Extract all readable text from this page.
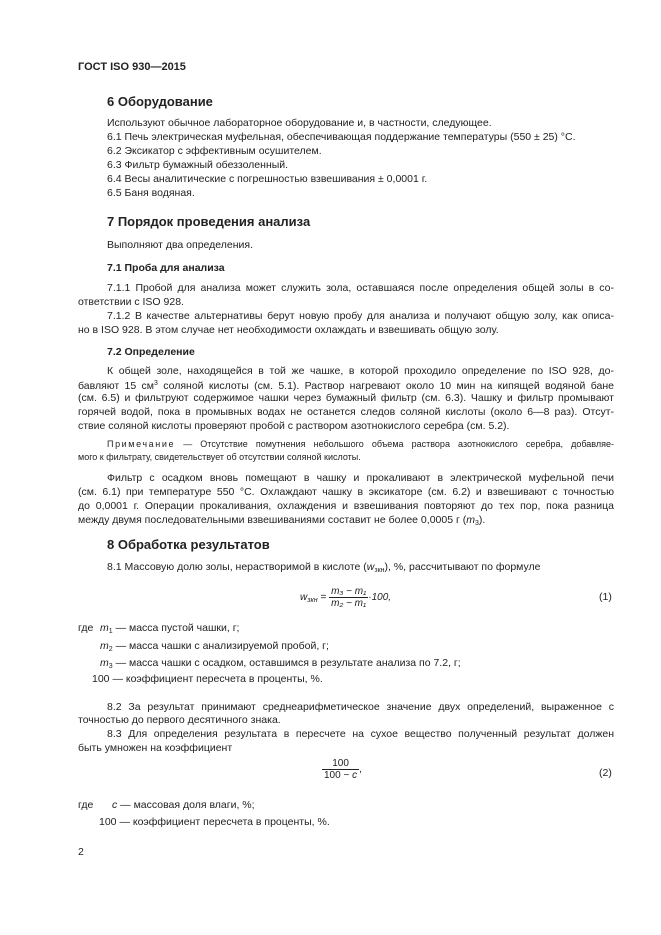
ГОСТ ISO 930—2015
6 Оборудование
Используют обычное лабораторное оборудование и, в частности, следующее.
6.1 Печь электрическая муфельная, обеспечивающая поддержание температуры (550 ± 25) °С.
6.2 Эксикатор с эффективным осушителем.
6.3 Фильтр бумажный обеззоленный.
6.4 Весы аналитические с погрешностью взвешивания ± 0,0001 г.
6.5 Баня водяная.
7 Порядок проведения анализа
Выполняют два определения.
7.1 Проба для анализа
7.1.1 Пробой для анализа может служить зола, оставшаяся после определения общей золы в со-
ответствии с ISO 928.
7.1.2 В качестве альтернативы берут новую пробу для анализа и получают общую золу, как описа-
но в ISO 928. В этом случае нет необходимости охлаждать и взвешивать общую золу.
7.2 Определение
К общей золе, находящейся в той же чашке, в которой проходило определение по ISO 928, до-
бавляют 15 $см^3$ соляной кислоты (см. 5.1). Раствор нагревают около 10 мин на кипящей водяной бане
(см. 6.5) и фильтруют содержимое чашки через бумажный фильтр (см. 6.3). Чашку и фильтр промывают
горячей водой, пока в промывных водах не останется следов соляной кислоты (около 6—8 раз). Отсут-
ствие соляной кислоты проверяют пробой с раствором азотнокислого серебра (см. 5.2).
Примечание — Отсутствие помутнения небольшого объема раствора азотнокислого серебра, добавляе-
мого к фильтрату, свидетельствует об отсутствии соляной кислоты.
Фильтр с осадком вновь помещают в чашку и прокаливают в электрической муфельной печи
(см. 6.1) при температуре 550 °С. Охлаждают чашку в эксикаторе (см. 6.2) и взвешивают с точностью
до 0,0001 г. Операции прокаливания, охлаждения и взвешивания повторяют до тех пор, пока разница
между двумя последовательными взвешиваниями составит не более 0,0005 г $(m_3)$.
8 Обработка результатов
8.1 Массовую долю золы, нерастворимой в кислоте $(w_{зкн})$, %, рассчитывают по формуле
$w_{зкн} = \frac{\text{m₃ − m₁}}{\text{m₂ − m₁}} \cdot 100$,	(1)
где $m_1$ — масса пустой чашки, г;
$m_2$ — масса чашки с анализируемой пробой, г;
$m_3$ — масса чашки с осадком, оставшимся в результате анализа по 7.2, г;
100 — коэффициент пересчета в проценты, %.
8.2 За результат принимают среднеарифметическое значение двух определений, выраженное с
точностью до первого десятичного знака.
8.3 Для определения результата в пересчете на сухое вещество полученный результат должен
быть умножен на коэффициент
$\frac{100}{100 - c}$ ,	(2)
где c — массовая доля влаги, %;
100 — коэффициент пересчета в проценты, %.
2
